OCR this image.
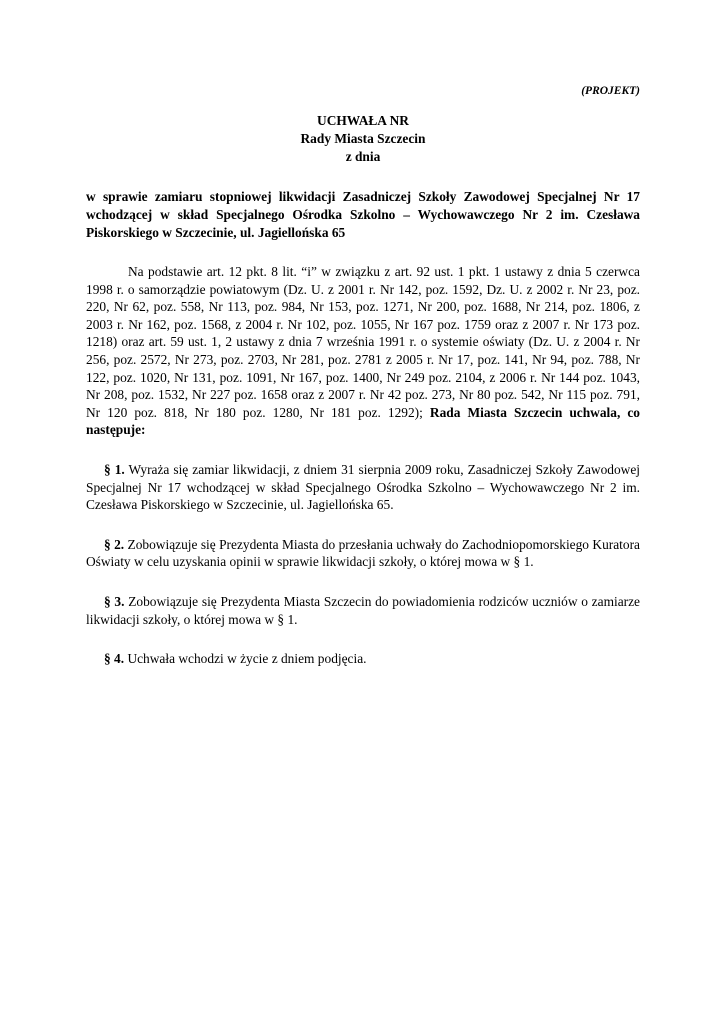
(PROJEKT)

UCHWAŁA NR
Rady Miasta Szczecin
z dnia

w sprawie zamiaru stopniowej likwidacji Zasadniczej Szkoły Zawodowej Specjalnej Nr 17 wchodzącej w skład Specjalnego Ośrodka Szkolno – Wychowawczego Nr 2 im. Czesława Piskorskiego w Szczecinie, ul. Jagiellońska 65

Na podstawie art. 12 pkt. 8 lit. “i” w związku z art. 92 ust. 1 pkt. 1 ustawy z dnia 5 czerwca 1998 r. o samorządzie powiatowym (Dz. U. z 2001 r. Nr 142, poz. 1592, Dz. U. z 2002 r. Nr 23, poz. 220, Nr 62, poz. 558, Nr 113, poz. 984, Nr 153, poz. 1271, Nr 200, poz. 1688, Nr 214, poz. 1806, z 2003 r. Nr 162, poz. 1568, z 2004 r. Nr 102, poz. 1055, Nr 167 poz. 1759 oraz z 2007 r. Nr 173 poz. 1218) oraz art. 59 ust. 1, 2 ustawy z dnia 7 września 1991 r. o systemie oświaty (Dz. U. z 2004 r. Nr 256, poz. 2572, Nr 273, poz. 2703, Nr 281, poz. 2781 z 2005 r. Nr 17, poz. 141, Nr 94, poz. 788, Nr 122, poz. 1020, Nr 131, poz. 1091, Nr 167, poz. 1400, Nr 249 poz. 2104, z 2006 r. Nr 144 poz. 1043, Nr 208, poz. 1532, Nr 227 poz. 1658 oraz z 2007 r. Nr 42 poz. 273, Nr 80 poz. 542, Nr 115 poz. 791, Nr 120 poz. 818, Nr 180 poz. 1280, Nr 181 poz. 1292); Rada Miasta Szczecin uchwala, co następuje:

§ 1. Wyraża się zamiar likwidacji, z dniem 31 sierpnia 2009 roku, Zasadniczej Szkoły Zawodowej Specjalnej Nr 17 wchodzącej w skład Specjalnego Ośrodka Szkolno – Wychowawczego Nr 2 im. Czesława Piskorskiego w Szczecinie, ul. Jagiellońska 65.

§ 2. Zobowiązuje się Prezydenta Miasta do przesłania uchwały do Zachodniopomorskiego Kuratora Oświaty w celu uzyskania opinii w sprawie likwidacji szkoły, o której mowa w § 1.

§ 3. Zobowiązuje się Prezydenta Miasta Szczecin do powiadomienia rodziców uczniów o zamiarze likwidacji szkoły, o której mowa w § 1.

§ 4. Uchwała wchodzi w życie z dniem podjęcia.
